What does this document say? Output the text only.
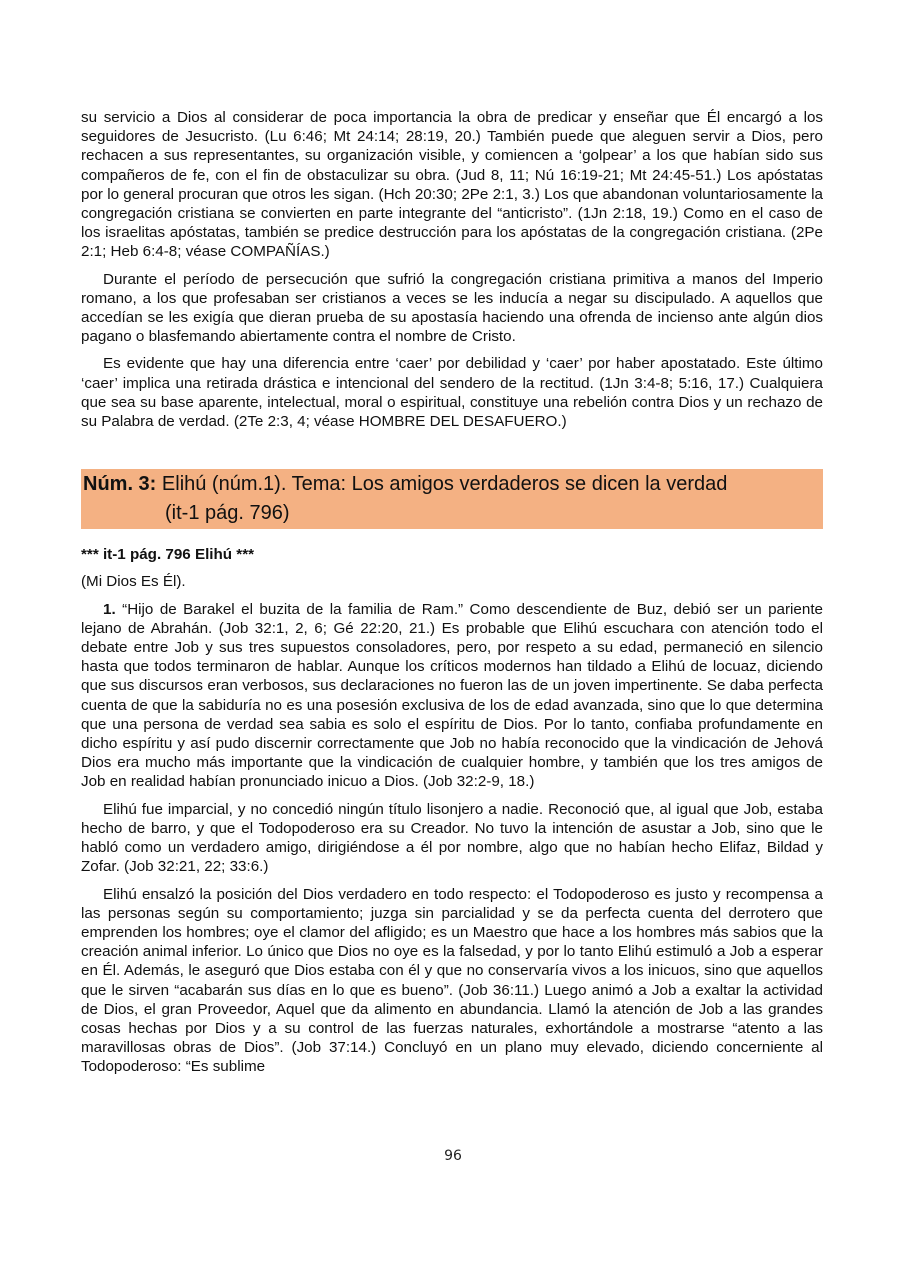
su servicio a Dios al considerar de poca importancia la obra de predicar y enseñar que Él encargó a los seguidores de Jesucristo. (Lu 6:46; Mt 24:14; 28:19, 20.) También puede que aleguen servir a Dios, pero rechacen a sus representantes, su organización visible, y comiencen a ‘golpear’ a los que habían sido sus compañeros de fe, con el fin de obstaculizar su obra. (Jud 8, 11; Nú 16:19-21; Mt 24:45-51.) Los apóstatas por lo general procuran que otros les sigan. (Hch 20:30; 2Pe 2:1, 3.) Los que abandonan voluntariosamente la congregación cristiana se convierten en parte integrante del “anticristo”. (1Jn 2:18, 19.) Como en el caso de los israelitas apóstatas, también se predice destrucción para los apóstatas de la congregación cristiana. (2Pe 2:1; Heb 6:4-8; véase COMPAÑÍAS.)

Durante el período de persecución que sufrió la congregación cristiana primitiva a manos del Imperio romano, a los que profesaban ser cristianos a veces se les inducía a negar su discipulado. A aquellos que accedían se les exigía que dieran prueba de su apostasía haciendo una ofrenda de incienso ante algún dios pagano o blasfemando abiertamente contra el nombre de Cristo.

Es evidente que hay una diferencia entre ‘caer’ por debilidad y ‘caer’ por haber apostatado. Este último ‘caer’ implica una retirada drástica e intencional del sendero de la rectitud. (1Jn 3:4-8; 5:16, 17.) Cualquiera que sea su base aparente, intelectual, moral o espiritual, constituye una rebelión contra Dios y un rechazo de su Palabra de verdad. (2Te 2:3, 4; véase HOMBRE DEL DESAFUERO.)

Núm. 3: Elihú (núm.1). Tema: Los amigos verdaderos se dicen la verdad
(it-1 pág. 796)

*** it-1 pág. 796 Elihú ***

(Mi Dios Es Él).

1. “Hijo de Barakel el buzita de la familia de Ram.” Como descendiente de Buz, debió ser un pariente lejano de Abrahán. (Job 32:1, 2, 6; Gé 22:20, 21.) Es probable que Elihú escuchara con atención todo el debate entre Job y sus tres supuestos consoladores, pero, por respeto a su edad, permaneció en silencio hasta que todos terminaron de hablar. Aunque los críticos modernos han tildado a Elihú de locuaz, diciendo que sus discursos eran verbosos, sus declaraciones no fueron las de un joven impertinente. Se daba perfecta cuenta de que la sabiduría no es una posesión exclusiva de los de edad avanzada, sino que lo que determina que una persona de verdad sea sabia es solo el espíritu de Dios. Por lo tanto, confiaba profundamente en dicho espíritu y así pudo discernir correctamente que Job no había reconocido que la vindicación de Jehová Dios era mucho más importante que la vindicación de cualquier hombre, y también que los tres amigos de Job en realidad habían pronunciado inicuo a Dios. (Job 32:2-9, 18.)

Elihú fue imparcial, y no concedió ningún título lisonjero a nadie. Reconoció que, al igual que Job, estaba hecho de barro, y que el Todopoderoso era su Creador. No tuvo la intención de asustar a Job, sino que le habló como un verdadero amigo, dirigiéndose a él por nombre, algo que no habían hecho Elifaz, Bildad y Zofar. (Job 32:21, 22; 33:6.)

Elihú ensalzó la posición del Dios verdadero en todo respecto: el Todopoderoso es justo y recompensa a las personas según su comportamiento; juzga sin parcialidad y se da perfecta cuenta del derrotero que emprenden los hombres; oye el clamor del afligido; es un Maestro que hace a los hombres más sabios que la creación animal inferior. Lo único que Dios no oye es la falsedad, y por lo tanto Elihú estimuló a Job a esperar en Él. Además, le aseguró que Dios estaba con él y que no conservaría vivos a los inicuos, sino que aquellos que le sirven “acabarán sus días en lo que es bueno”. (Job 36:11.) Luego animó a Job a exaltar la actividad de Dios, el gran Proveedor, Aquel que da alimento en abundancia. Llamó la atención de Job a las grandes cosas hechas por Dios y a su control de las fuerzas naturales, exhortándole a mostrarse “atento a las maravillosas obras de Dios”. (Job 37:14.) Concluyó en un plano muy elevado, diciendo concerniente al Todopoderoso: “Es sublime

96
